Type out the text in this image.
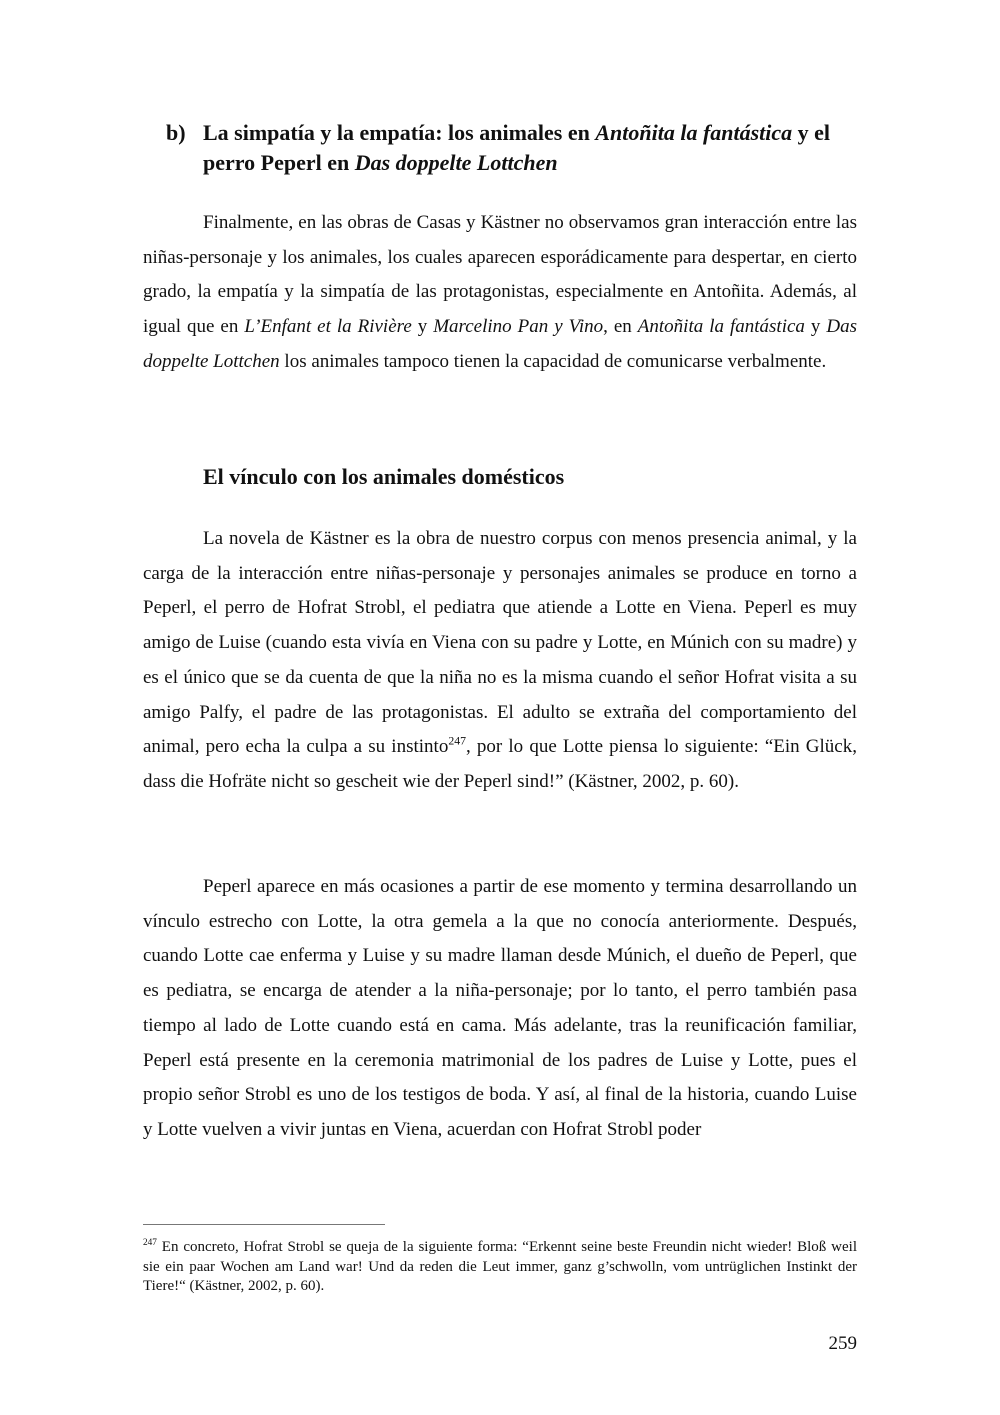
b) La simpatía y la empatía: los animales en Antoñita la fantástica y el perro Peperl en Das doppelte Lottchen

Finalmente, en las obras de Casas y Kästner no observamos gran interacción entre las niñas-personaje y los animales, los cuales aparecen esporádicamente para despertar, en cierto grado, la empatía y la simpatía de las protagonistas, especialmente en Antoñita. Además, al igual que en L’Enfant et la Rivière y Marcelino Pan y Vino, en Antoñita la fantástica y Das doppelte Lottchen los animales tampoco tienen la capacidad de comunicarse verbalmente.

El vínculo con los animales domésticos

La novela de Kästner es la obra de nuestro corpus con menos presencia animal, y la carga de la interacción entre niñas-personaje y personajes animales se produce en torno a Peperl, el perro de Hofrat Strobl, el pediatra que atiende a Lotte en Viena. Peperl es muy amigo de Luise (cuando esta vivía en Viena con su padre y Lotte, en Múnich con su madre) y es el único que se da cuenta de que la niña no es la misma cuando el señor Hofrat visita a su amigo Palfy, el padre de las protagonistas. El adulto se extraña del comportamiento del animal, pero echa la culpa a su instinto$^{247}$, por lo que Lotte piensa lo siguiente: “Ein Glück, dass die Hofräte nicht so gescheit wie der Peperl sind!” (Kästner, 2002, p. 60).

Peperl aparece en más ocasiones a partir de ese momento y termina desarrollando un vínculo estrecho con Lotte, la otra gemela a la que no conocía anteriormente. Después, cuando Lotte cae enferma y Luise y su madre llaman desde Múnich, el dueño de Peperl, que es pediatra, se encarga de atender a la niña-personaje; por lo tanto, el perro también pasa tiempo al lado de Lotte cuando está en cama. Más adelante, tras la reunificación familiar, Peperl está presente en la ceremonia matrimonial de los padres de Luise y Lotte, pues el propio señor Strobl es uno de los testigos de boda. Y así, al final de la historia, cuando Luise y Lotte vuelven a vivir juntas en Viena, acuerdan con Hofrat Strobl poder

$^{247}$ En concreto, Hofrat Strobl se queja de la siguiente forma: “Erkennt seine beste Freundin nicht wieder! Bloß weil sie ein paar Wochen am Land war! Und da reden die Leut immer, ganz g’schwolln, vom untrüglichen Instinkt der Tiere!“ (Kästner, 2002, p. 60).

259
